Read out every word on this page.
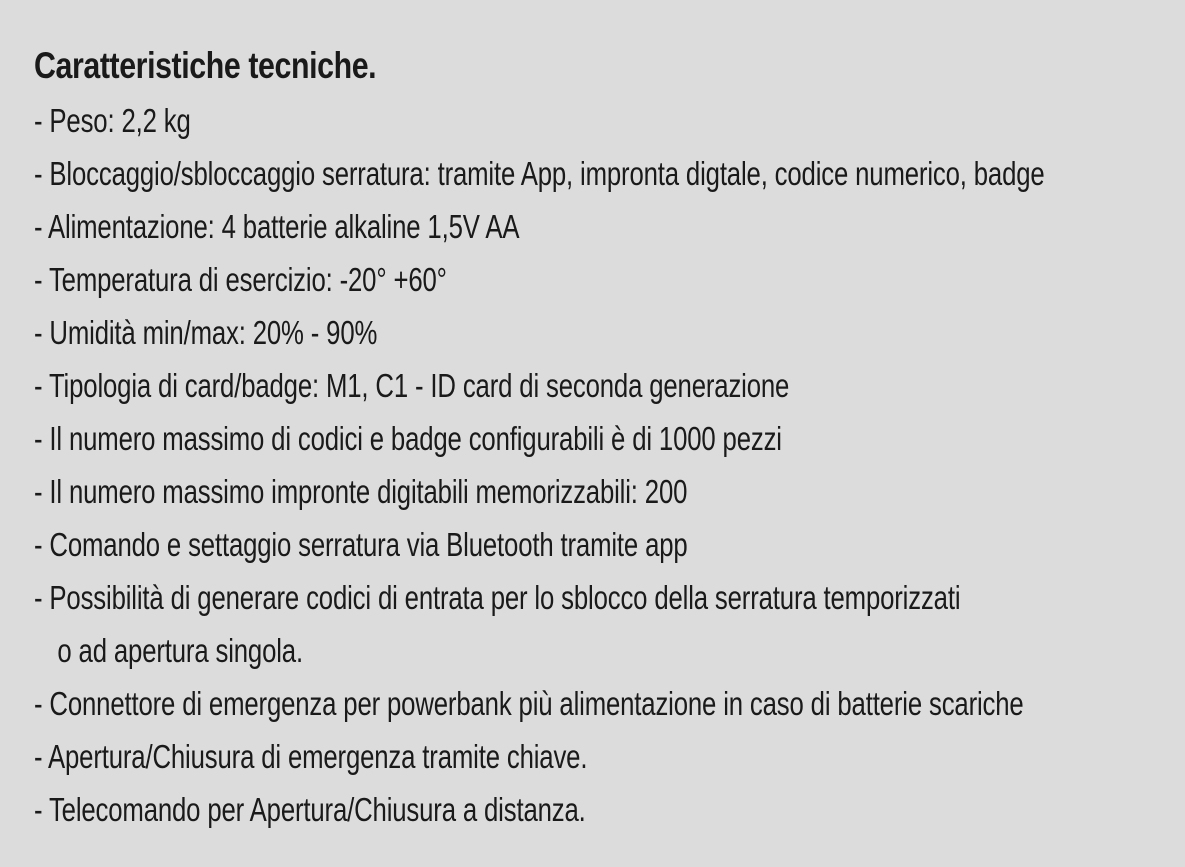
Caratteristiche tecniche.
- Peso: 2,2 kg
- Bloccaggio/sbloccaggio serratura: tramite App, impronta digtale, codice numerico, badge
- Alimentazione: 4 batterie alkaline 1,5V AA
- Temperatura di esercizio: -20° +60°
- Umidità min/max: 20% - 90%
- Tipologia di card/badge: M1, C1 - ID card di seconda generazione
- Il numero massimo di codici e badge configurabili è di 1000 pezzi
- Il numero massimo impronte digitabili memorizzabili: 200
- Comando e settaggio serratura via Bluetooth tramite app
- Possibilità di generare codici di entrata per lo sblocco della serratura temporizzati
o ad apertura singola.
- Connettore di emergenza per powerbank più alimentazione in caso di batterie scariche
- Apertura/Chiusura di emergenza tramite chiave.
- Telecomando per Apertura/Chiusura a distanza.
